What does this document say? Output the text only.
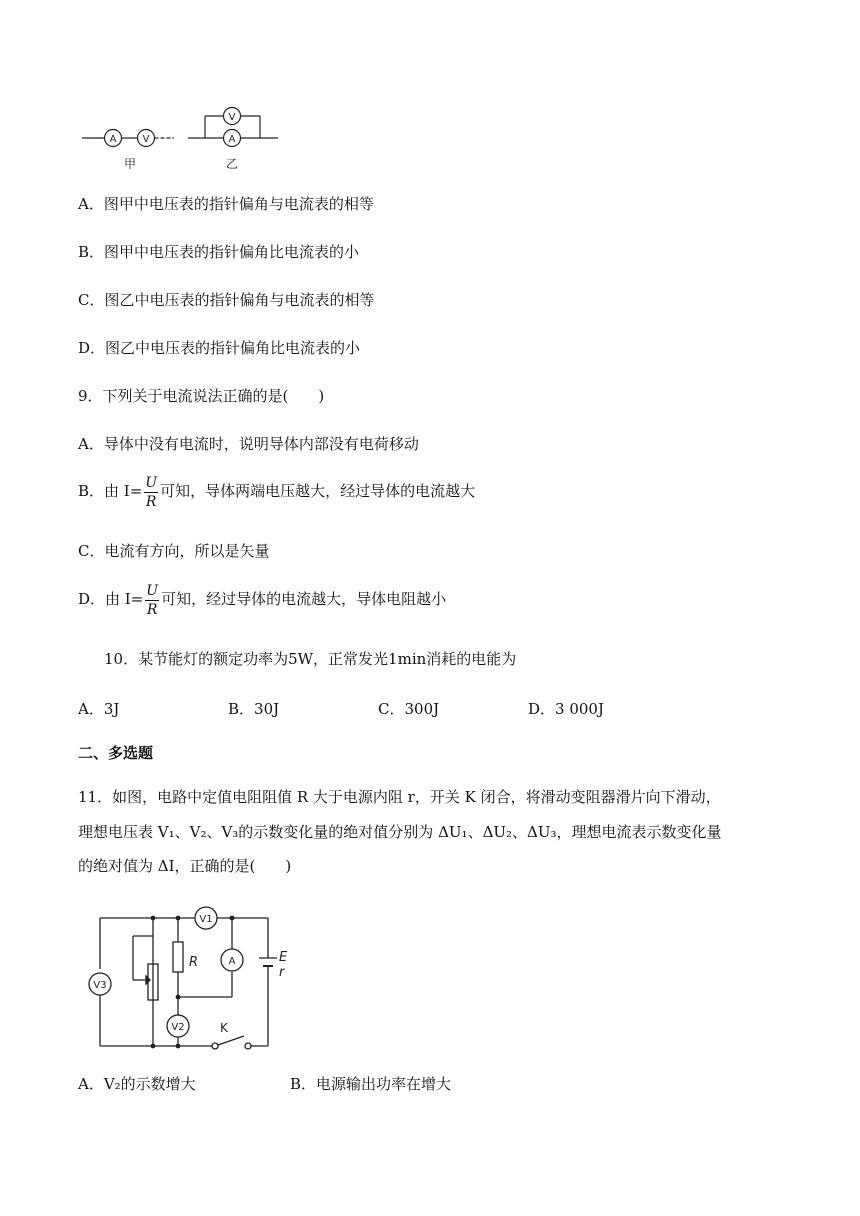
A	V
V
A
甲	乙
A．图甲中电压表的指针偏角与电流表的相等
B．图甲中电压表的指针偏角比电流表的小
C．图乙中电压表的指针偏角与电流表的相等
D．图乙中电压表的指针偏角比电流表的小
9．下列关于电流说法正确的是(　　)
A．导体中没有电流时，说明导体内部没有电荷移动
B．由 $I= \frac{U}{R}$ 可知，导体两端电压越大，经过导体的电流越大
C．电流有方向，所以是矢量
D．由 $I= \frac{U}{R}$ 可知，经过导体的电流越大，导体电阻越小
10．某节能灯的额定功率为5W，正常发光1min消耗的电能为
A．3J	B．30J	C．300J	D．3 000J
二、多选题
11．如图，电路中定值电阻阻值 R 大于电源内阻 r，开关 K 闭合，将滑动变阻器滑片向下滑动，
理想电压表 V₁、V₂、V₃的示数变化量的绝对值分别为 ΔU₁、ΔU₂、ΔU₃，理想电流表示数变化量
的绝对值为 ΔI，正确的是(　　)
V1
V3
V2
A
R	E
r
K
A．V₂的示数增大	B．电源输出功率在增大
